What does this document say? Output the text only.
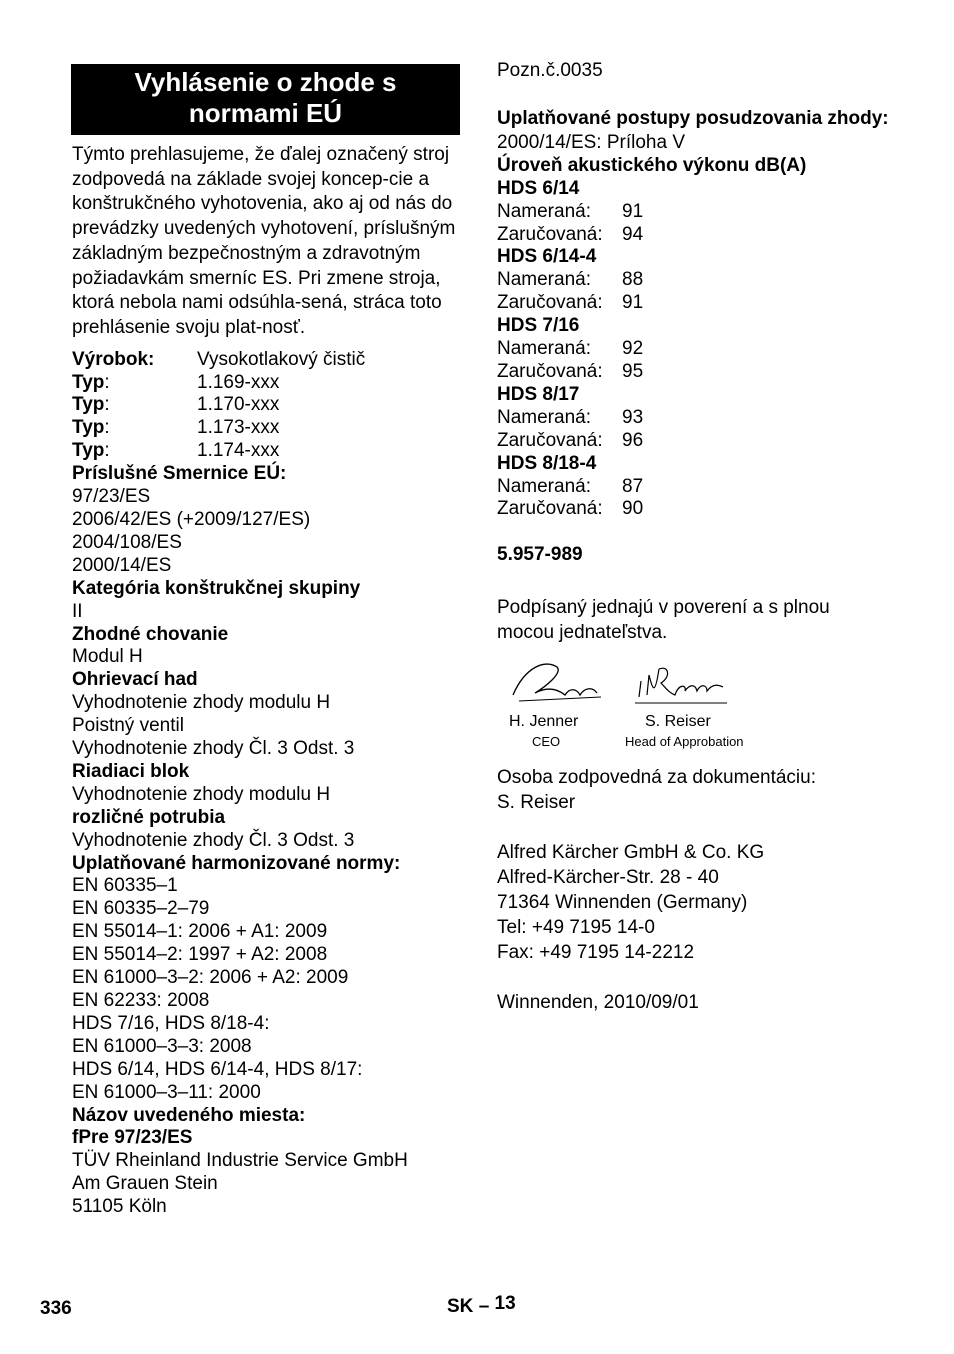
Vyhlásenie o zhode s normami EÚ
Týmto prehlasujeme, že ďalej označený stroj zodpovedá na základe svojej koncep-cie a konštrukčného vyhotovenia, ako aj od nás do prevádzky uvedených vyhotovení, príslušným základným bezpečnostným a zdravotným požiadavkám smerníc ES. Pri zmene stroja, ktorá nebola nami odsúhla-sená, stráca toto prehlásenie svoju plat-nosť.
Výrobok:	Vysokotlakový čistič
Typ:	1.169-xxx
Typ:	1.170-xxx
Typ:	1.173-xxx
Typ:	1.174-xxx
Príslušné Smernice EÚ:
97/23/ES
2006/42/ES (+2009/127/ES)
2004/108/ES
2000/14/ES
Kategória konštrukčnej skupiny
II
Zhodné chovanie
Modul H
Ohrievací had
Vyhodnotenie zhody modulu H
Poistný ventil
Vyhodnotenie zhody Čl. 3 Odst. 3
Riadiaci blok
Vyhodnotenie zhody modulu H
rozličné potrubia
Vyhodnotenie zhody Čl. 3 Odst. 3
Uplatňované harmonizované normy:
EN 60335–1
EN 60335–2–79
EN 55014–1: 2006 + A1: 2009
EN 55014–2: 1997 + A2: 2008
EN 61000–3–2: 2006 + A2: 2009
EN 62233: 2008
HDS 7/16, HDS 8/18-4:
EN 61000–3–3: 2008
HDS 6/14, HDS 6/14-4, HDS 8/17:
EN 61000–3–11: 2000
Názov uvedeného miesta:
fPre 97/23/ES
TÜV Rheinland Industrie Service GmbH
Am Grauen Stein
51105 Köln
Pozn.č.0035
Uplatňované postupy posudzovania zhody:
2000/14/ES: Príloha V
Úroveň akustického výkonu dB(A)
HDS 6/14
Nameraná:	91
Zaručovaná:	94
HDS 6/14-4
Nameraná:	88
Zaručovaná:	91
HDS 7/16
Nameraná:	92
Zaručovaná:	95
HDS 8/17
Nameraná:	93
Zaručovaná:	96
HDS 8/18-4
Nameraná:	87
Zaručovaná:	90
5.957-989
Podpísaný jednajú v poverení a s plnou mocou jednateľstva.
H. Jenner
CEO
S. Reiser
Head of Approbation
Osoba zodpovedná za dokumentáciu:
S. Reiser
Alfred Kärcher GmbH & Co. KG
Alfred-Kärcher-Str. 28 - 40
71364 Winnenden (Germany)
Tel: +49 7195 14-0
Fax: +49 7195 14-2212
Winnenden, 2010/09/01
336	SK – 13
